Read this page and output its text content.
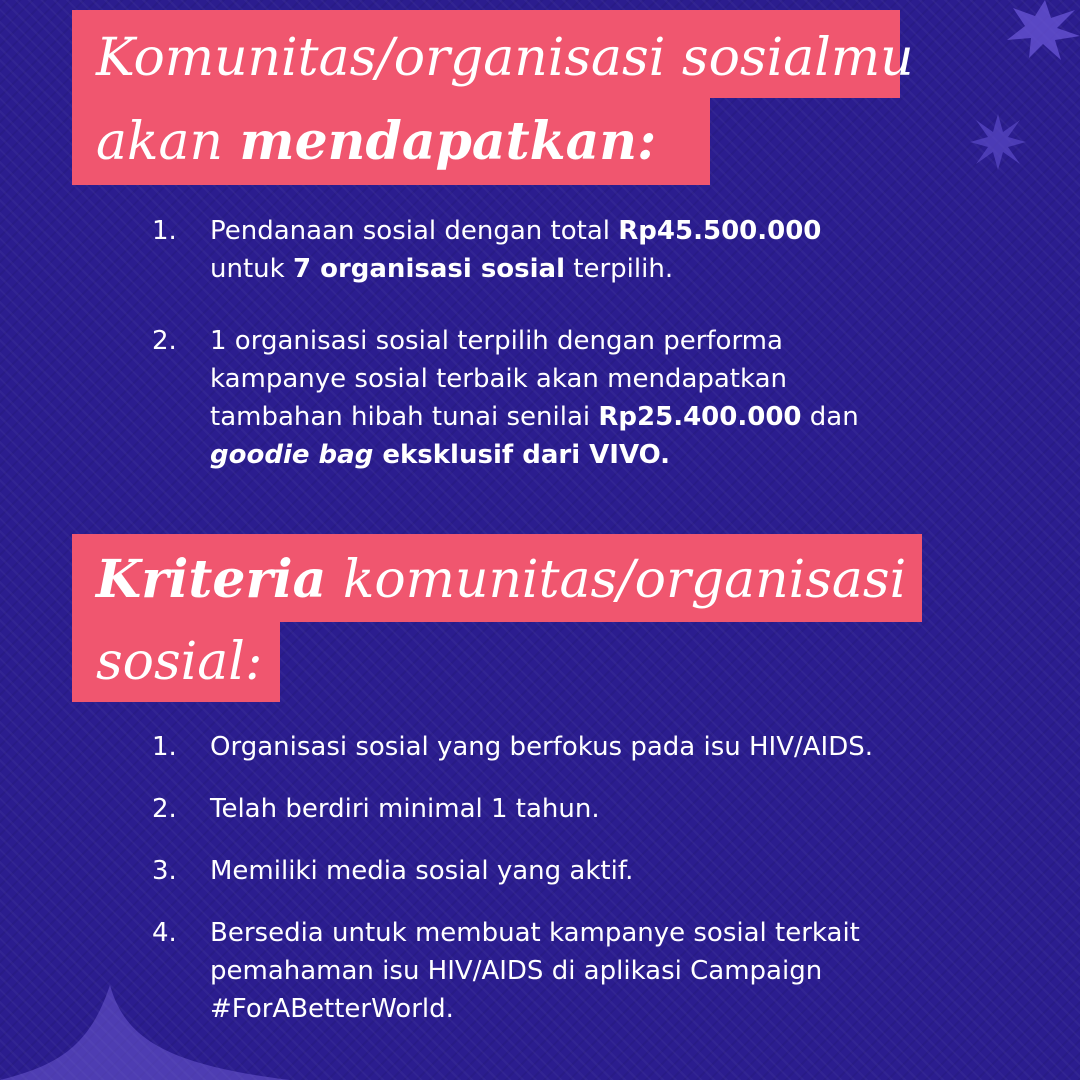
Komunitas/organisasi sosialmu
akan mendapatkan:
1.	Pendanaan sosial dengan total Rp45.500.000
untuk 7 organisasi sosial terpilih.
2.	1 organisasi sosial terpilih dengan performa
kampanye sosial terbaik akan mendapatkan
tambahan hibah tunai senilai Rp25.400.000 dan
goodie bag eksklusif dari VIVO.
Kriteria komunitas/organisasi
sosial:
1.	Organisasi sosial yang berfokus pada isu HIV/AIDS.
2.	Telah berdiri minimal 1 tahun.
3.	Memiliki media sosial yang aktif.
4.	Bersedia untuk membuat kampanye sosial terkait
pemahaman isu HIV/AIDS di aplikasi Campaign
#ForABetterWorld.
